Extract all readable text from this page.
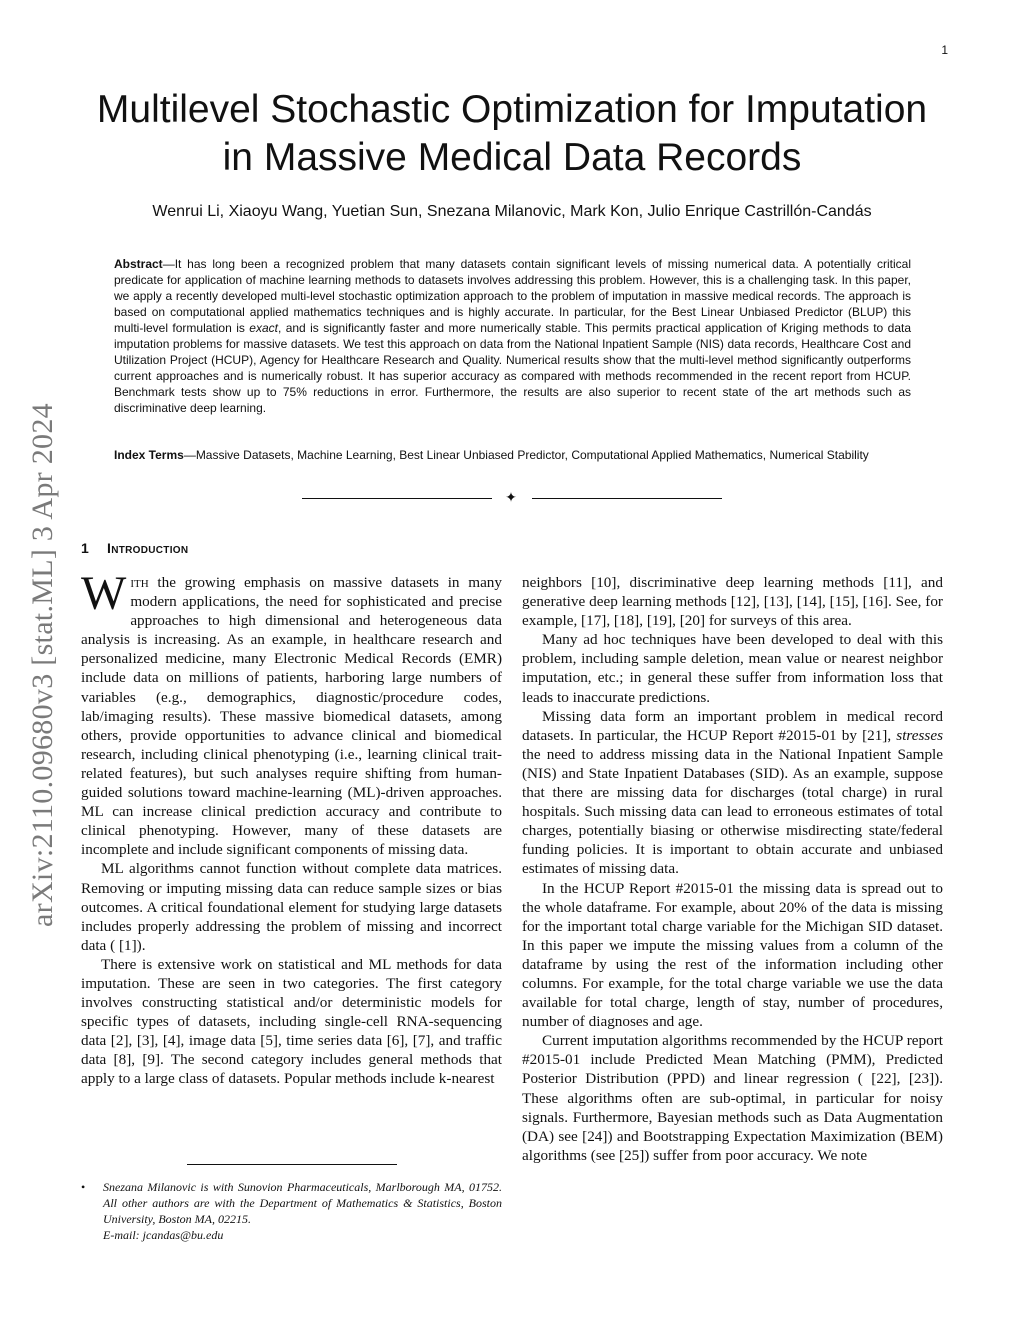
1
arXiv:2110.09680v3 [stat.ML] 3 Apr 2024
Multilevel Stochastic Optimization for Imputation
in Massive Medical Data Records
Wenrui Li, Xiaoyu Wang, Yuetian Sun, Snezana Milanovic, Mark Kon, Julio Enrique Castrillón-Candás

Abstract—It has long been a recognized problem that many datasets contain significant levels of missing numerical data. A potentially critical predicate for application of machine learning methods to datasets involves addressing this problem. However, this is a challenging task. In this paper, we apply a recently developed multi-level stochastic optimization approach to the problem of imputation in massive medical records. The approach is based on computational applied mathematics techniques and is highly accurate. In particular, for the Best Linear Unbiased Predictor (BLUP) this multi-level formulation is exact, and is significantly faster and more numerically stable. This permits practical application of Kriging methods to data imputation problems for massive datasets. We test this approach on data from the National Inpatient Sample (NIS) data records, Healthcare Cost and Utilization Project (HCUP), Agency for Healthcare Research and Quality. Numerical results show that the multi-level method significantly outperforms current approaches and is numerically robust. It has superior accuracy as compared with methods recommended in the recent report from HCUP. Benchmark tests show up to 75% reductions in error. Furthermore, the results are also superior to recent state of the art methods such as discriminative deep learning.

Index Terms—Massive Datasets, Machine Learning, Best Linear Unbiased Predictor, Computational Applied Mathematics, Numerical Stability

✦
1 Introduction

With the growing emphasis on massive datasets in many modern applications, the need for sophisticated and precise approaches to high dimensional and heterogeneous data analysis is increasing. As an example, in healthcare research and personalized medicine, many Electronic Medical Records (EMR) include data on millions of patients, harboring large numbers of variables (e.g., demographics, diagnostic/procedure codes, lab/imaging results). These massive biomedical datasets, among others, provide opportunities to advance clinical and biomedical research, including clinical phenotyping (i.e., learning clinical trait-related features), but such analyses require shifting from human-guided solutions toward machine-learning (ML)-driven approaches. ML can increase clinical prediction accuracy and contribute to clinical phenotyping. However, many of these datasets are incomplete and include significant components of missing data.

ML algorithms cannot function without complete data matrices. Removing or imputing missing data can reduce sample sizes or bias outcomes. A critical foundational element for studying large datasets includes properly addressing the problem of missing and incorrect data ( [1]).

There is extensive work on statistical and ML methods for data imputation. These are seen in two categories. The first category involves constructing statistical and/or deterministic models for specific types of datasets, including single-cell RNA-sequencing data [2], [3], [4], image data [5], time series data [6], [7], and traffic data [8], [9]. The second category includes general methods that apply to a large class of datasets. Popular methods include k-nearest

neighbors [10], discriminative deep learning methods [11], and generative deep learning methods [12], [13], [14], [15], [16]. See, for example, [17], [18], [19], [20] for surveys of this area.

Many ad hoc techniques have been developed to deal with this problem, including sample deletion, mean value or nearest neighbor imputation, etc.; in general these suffer from information loss that leads to inaccurate predictions.

Missing data form an important problem in medical record datasets. In particular, the HCUP Report #2015-01 by [21], stresses the need to address missing data in the National Inpatient Sample (NIS) and State Inpatient Databases (SID). As an example, suppose that there are missing data for discharges (total charge) in rural hospitals. Such missing data can lead to erroneous estimates of total charges, potentially biasing or otherwise misdirecting state/federal funding policies. It is important to obtain accurate and unbiased estimates of missing data.

In the HCUP Report #2015-01 the missing data is spread out to the whole dataframe. For example, about 20% of the data is missing for the important total charge variable for the Michigan SID dataset. In this paper we impute the missing values from a column of the dataframe by using the rest of the information including other columns. For example, for the total charge variable we use the data available for total charge, length of stay, number of procedures, number of diagnoses and age.

Current imputation algorithms recommended by the HCUP report #2015-01 include Predicted Mean Matching (PMM), Predicted Posterior Distribution (PPD) and linear regression ( [22], [23]). These algorithms often are sub-optimal, in particular for noisy signals. Furthermore, Bayesian methods such as Data Augmentation (DA) see [24]) and Bootstrapping Expectation Maximization (BEM) algorithms (see [25]) suffer from poor accuracy. We note

• Snezana Milanovic is with Sunovion Pharmaceuticals, Marlborough MA, 01752. All other authors are with the Department of Mathematics & Statistics, Boston University, Boston MA, 02215.

E-mail: jcandas@bu.edu
